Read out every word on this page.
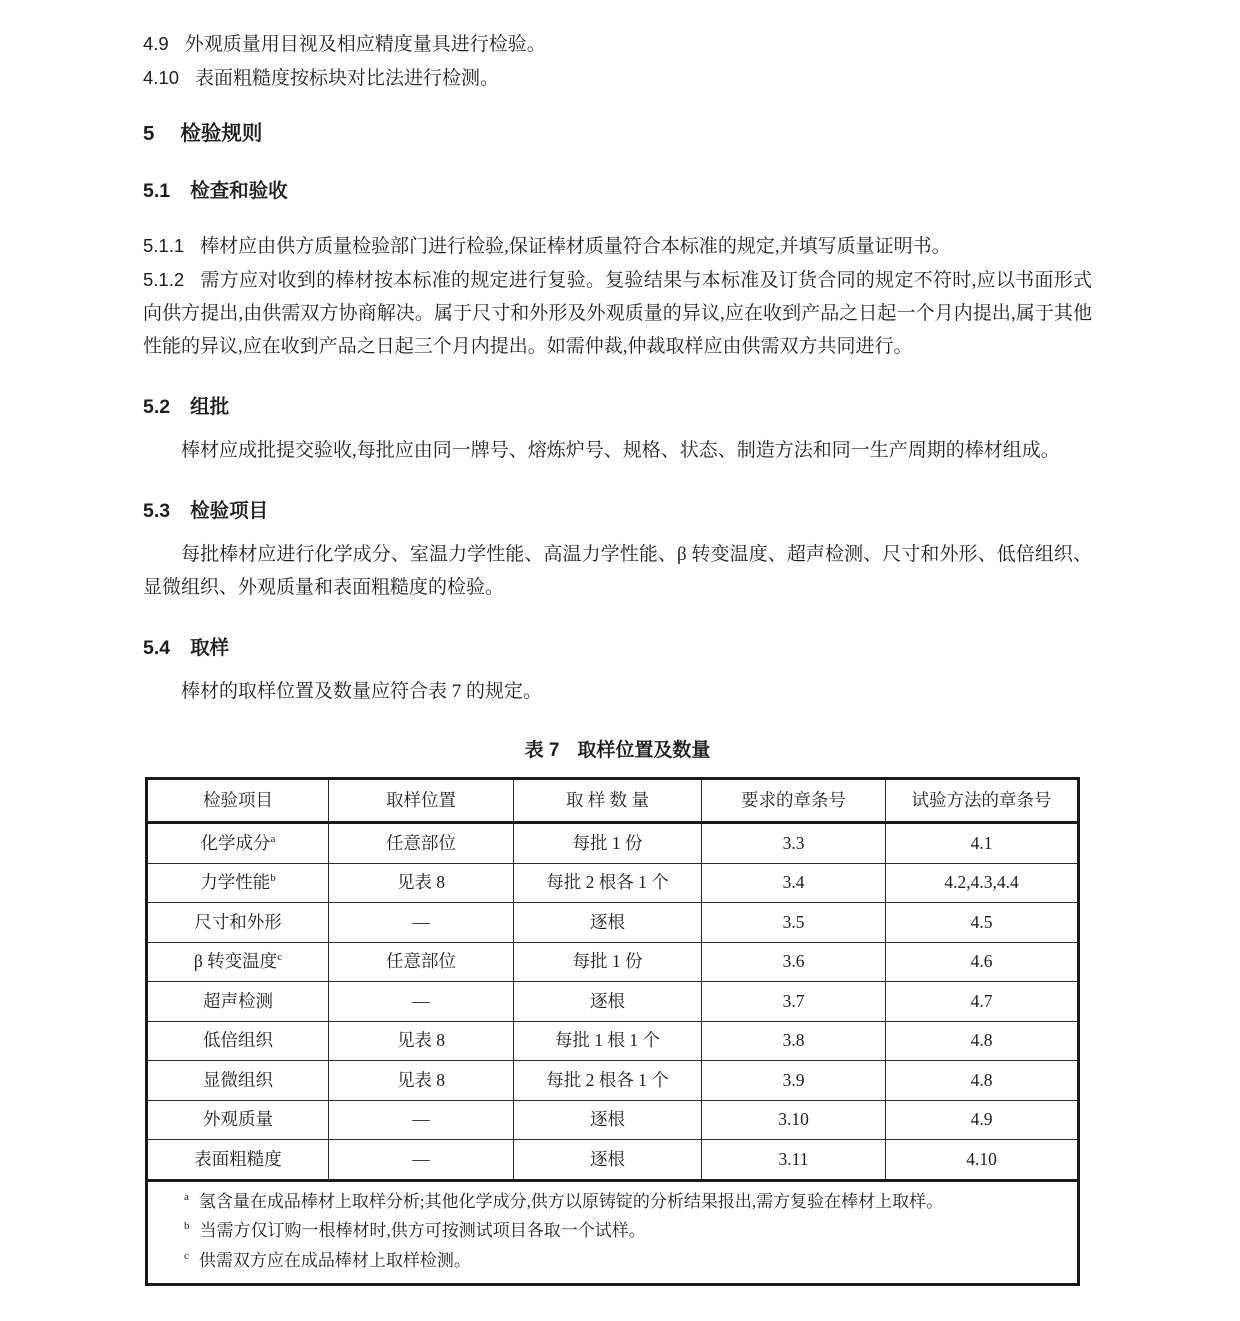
4.9 外观质量用目视及相应精度量具进行检验。
4.10 表面粗糙度按标块对比法进行检测。
5 检验规则
5.1 检查和验收
5.1.1 棒材应由供方质量检验部门进行检验,保证棒材质量符合本标准的规定,并填写质量证明书。
5.1.2 需方应对收到的棒材按本标准的规定进行复验。复验结果与本标准及订货合同的规定不符时,应以书面形式向供方提出,由供需双方协商解决。属于尺寸和外形及外观质量的异议,应在收到产品之日起一个月内提出,属于其他性能的异议,应在收到产品之日起三个月内提出。如需仲裁,仲裁取样应由供需双方共同进行。
5.2 组批
棒材应成批提交验收,每批应由同一牌号、熔炼炉号、规格、状态、制造方法和同一生产周期的棒材组成。
5.3 检验项目
每批棒材应进行化学成分、室温力学性能、高温力学性能、β 转变温度、超声检测、尺寸和外形、低倍组织、显微组织、外观质量和表面粗糙度的检验。
5.4 取样
棒材的取样位置及数量应符合表 7 的规定。
表 7 取样位置及数量
检验项目	取样位置	取 样 数 量	要求的章条号	试验方法的章条号
化学成分$^a$	任意部位	每批 1 份	3.3	4.1
力学性能$^b$	见表 8	每批 2 根各 1 个	3.4	4.2,4.3,4.4
尺寸和外形	—	逐根	3.5	4.5
β 转变温度$^c$	任意部位	每批 1 份	3.6	4.6
超声检测	—	逐根	3.7	4.7
低倍组织	见表 8	每批 1 根 1 个	3.8	4.8
显微组织	见表 8	每批 2 根各 1 个	3.9	4.8
外观质量	—	逐根	3.10	4.9
表面粗糙度	—	逐根	3.11	4.10

$^a$ 氢含量在成品棒材上取样分析;其他化学成分,供方以原铸锭的分析结果报出,需方复验在棒材上取样。
$^b$ 当需方仅订购一根棒材时,供方可按测试项目各取一个试样。
$^c$ 供需双方应在成品棒材上取样检测。				
